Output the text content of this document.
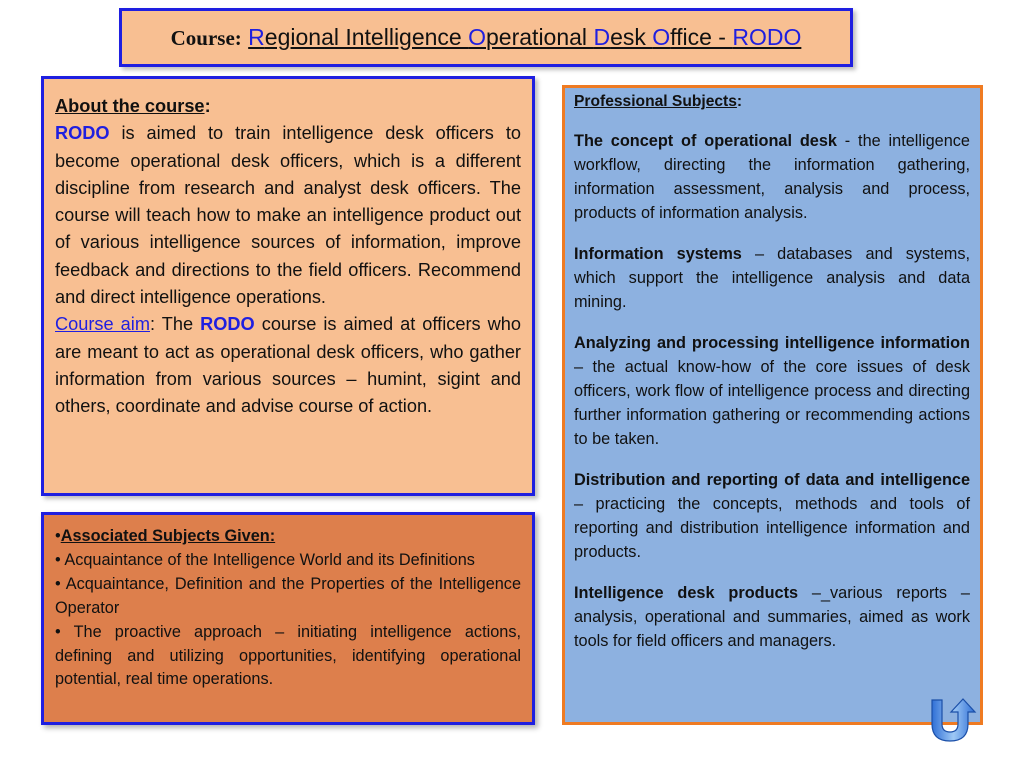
Course: Regional Intelligence Operational Desk Office - RODO

About the course:

RODO is aimed to train intelligence desk officers to become operational desk officers, which is a different discipline from research and analyst desk officers. The course will teach how to make an intelligence product out of various intelligence sources of information, improve feedback and directions to the field officers. Recommend and direct intelligence operations.

Course aim: The RODO course is aimed at officers who are meant to act as operational desk officers, who gather information from various sources – humint, sigint and others, coordinate and advise course of action.

•Associated Subjects Given:

• Acquaintance of the Intelligence World and its Definitions

• Acquaintance, Definition and the Properties of the Intelligence Operator

• The proactive approach – initiating intelligence actions, defining and utilizing opportunities, identifying operational potential, real time operations.

Professional Subjects:

The concept of operational desk - the intelligence workflow, directing the information gathering, information assessment, analysis and process, products of information analysis.

Information systems – databases and systems, which support the intelligence analysis and data mining.

Analyzing and processing intelligence information – the actual know-how of the core issues of desk officers, work flow of intelligence process and directing further information gathering or recommending actions to be taken.

Distribution and reporting of data and intelligence – practicing the concepts, methods and tools of reporting and distribution intelligence information and products.

Intelligence desk products –_various reports – analysis, operational and summaries, aimed as work tools for field officers and managers.
